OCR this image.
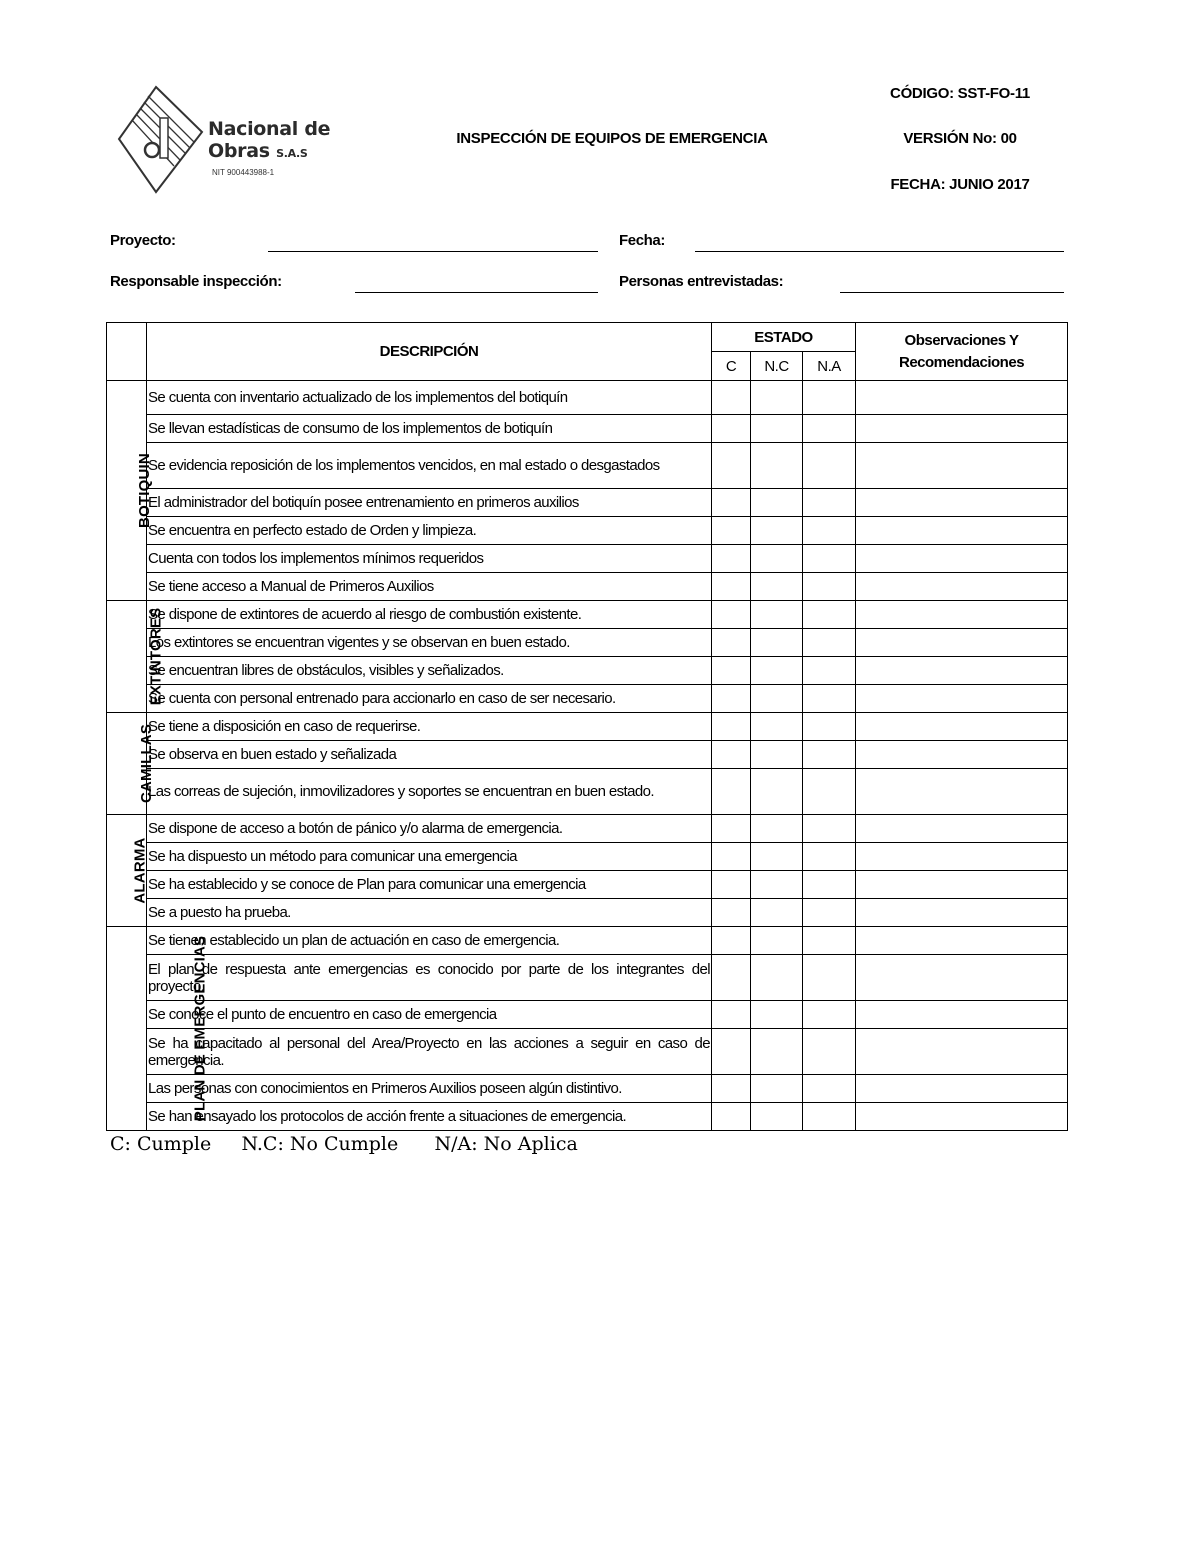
Nacional de
Obras S.A.S
NIT 900443988-1
INSPECCIÓN DE EQUIPOS DE EMERGENCIA
CÓDIGO: SST-FO-11
VERSIÓN No: 00
FECHA: JUNIO 2017
Proyecto:	Fecha:
Responsable inspección:	Personas entrevistadas:
	DESCRIPCIÓN	ESTADO			Observaciones Y Recomendaciones
		C	N.C	N.A	
BOTIQUIN	Se cuenta con inventario actualizado de los implementos del botiquín				
	Se llevan estadísticas de consumo de los implementos de botiquín				
	Se evidencia reposición de los implementos vencidos, en mal estado o desgastados				
	El administrador del botiquín posee entrenamiento en primeros auxilios				
	Se encuentra en perfecto estado de Orden y limpieza.				
	Cuenta con todos los implementos mínimos requeridos				
	Se tiene acceso a Manual de Primeros Auxilios				
EXTINTORES	Se dispone de extintores de acuerdo al riesgo de combustión existente.				
	Los extintores se encuentran vigentes y se observan en buen estado.				
	Se encuentran libres de obstáculos, visibles y señalizados.				
	Se cuenta con personal entrenado para accionarlo en caso de ser necesario.				
CAMILLAS	Se tiene a disposición en caso de requerirse.				
	Se observa en buen estado y señalizada				
	Las correas de sujeción, inmovilizadores y soportes se encuentran en buen estado.				
ALARMA	Se dispone de acceso a botón de pánico y/o alarma de emergencia.				
	Se ha dispuesto un método para comunicar una emergencia				
	Se ha establecido y se conoce de Plan para comunicar una emergencia				
	Se a puesto ha prueba.				
PLAN DE EMERGENCIAS	Se tienen establecido un plan de actuación en caso de emergencia.				
	El plan de respuesta ante emergencias es conocido por parte de los integrantes del proyecto.				
	Se conoce el punto de encuentro en caso de emergencia				
	Se ha capacitado al personal del Area/Proyecto en las acciones a seguir en caso de emergencia.				
	Las personas con conocimientos en Primeros Auxilios poseen algún distintivo.				
	Se han ensayado los protocolos de acción frente a situaciones de emergencia.				
C: Cumple     N.C: No Cumple      N/A: No Aplica
